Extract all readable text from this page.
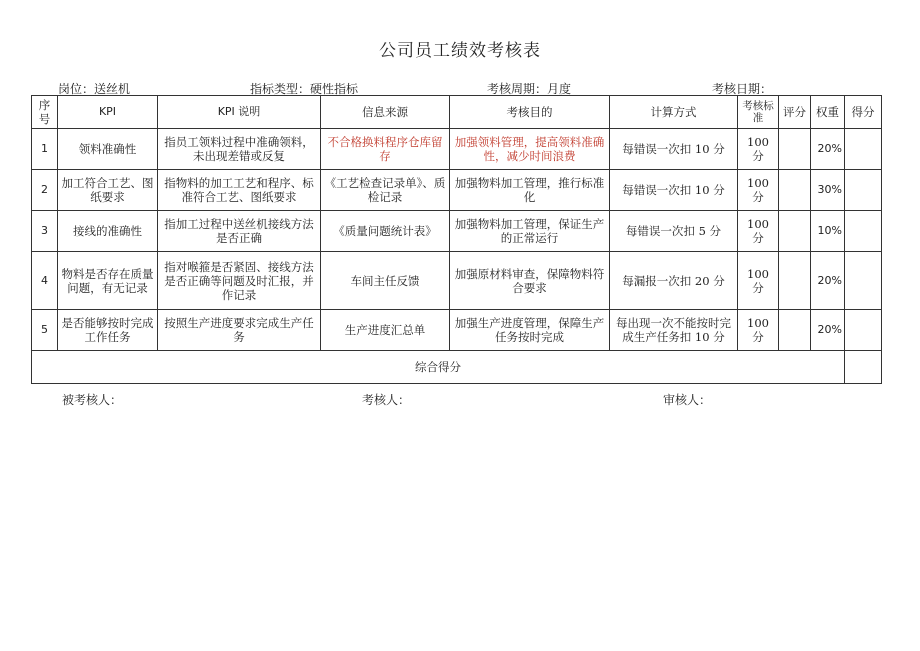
公司员工绩效考核表
岗位：送丝机	指标类型：硬性指标	考核周期：月度	考核日期：
序号	KPI	KPI 说明	信息来源	考核目的	计算方式	考核标准	评分	权重	得分
1	领料准确性	指员工领料过程中准确领料，未出现差错或反复	不合格换料程序仓库留存	加强领料管理，提高领料准确性，减少时间浪费	每错误一次扣 10 分	100 分		20%	
2	加工符合工艺、图纸要求	指物料的加工工艺和程序、标准符合工艺、图纸要求	《工艺检查记录单》、质检记录	加强物料加工管理，推行标准化	每错误一次扣 10 分	100 分		30%	
3	接线的准确性	指加工过程中送丝机接线方法是否正确	《质量问题统计表》	加强物料加工管理，保证生产的正常运行	每错误一次扣 5 分	100 分		10%	
4	物料是否存在质量问题，有无记录	指对喉箍是否紧固、接线方法是否正确等问题及时汇报，并作记录	车间主任反馈	加强原材料审查，保障物料符合要求	每漏报一次扣 20 分	100 分		20%	
5	是否能够按时完成工作任务	按照生产进度要求完成生产任务	生产进度汇总单	加强生产进度管理，保障生产任务按时完成	每出现一次不能按时完成生产任务扣 10 分	100 分		20%	
综合得分									
被考核人：	考核人：	审核人：
